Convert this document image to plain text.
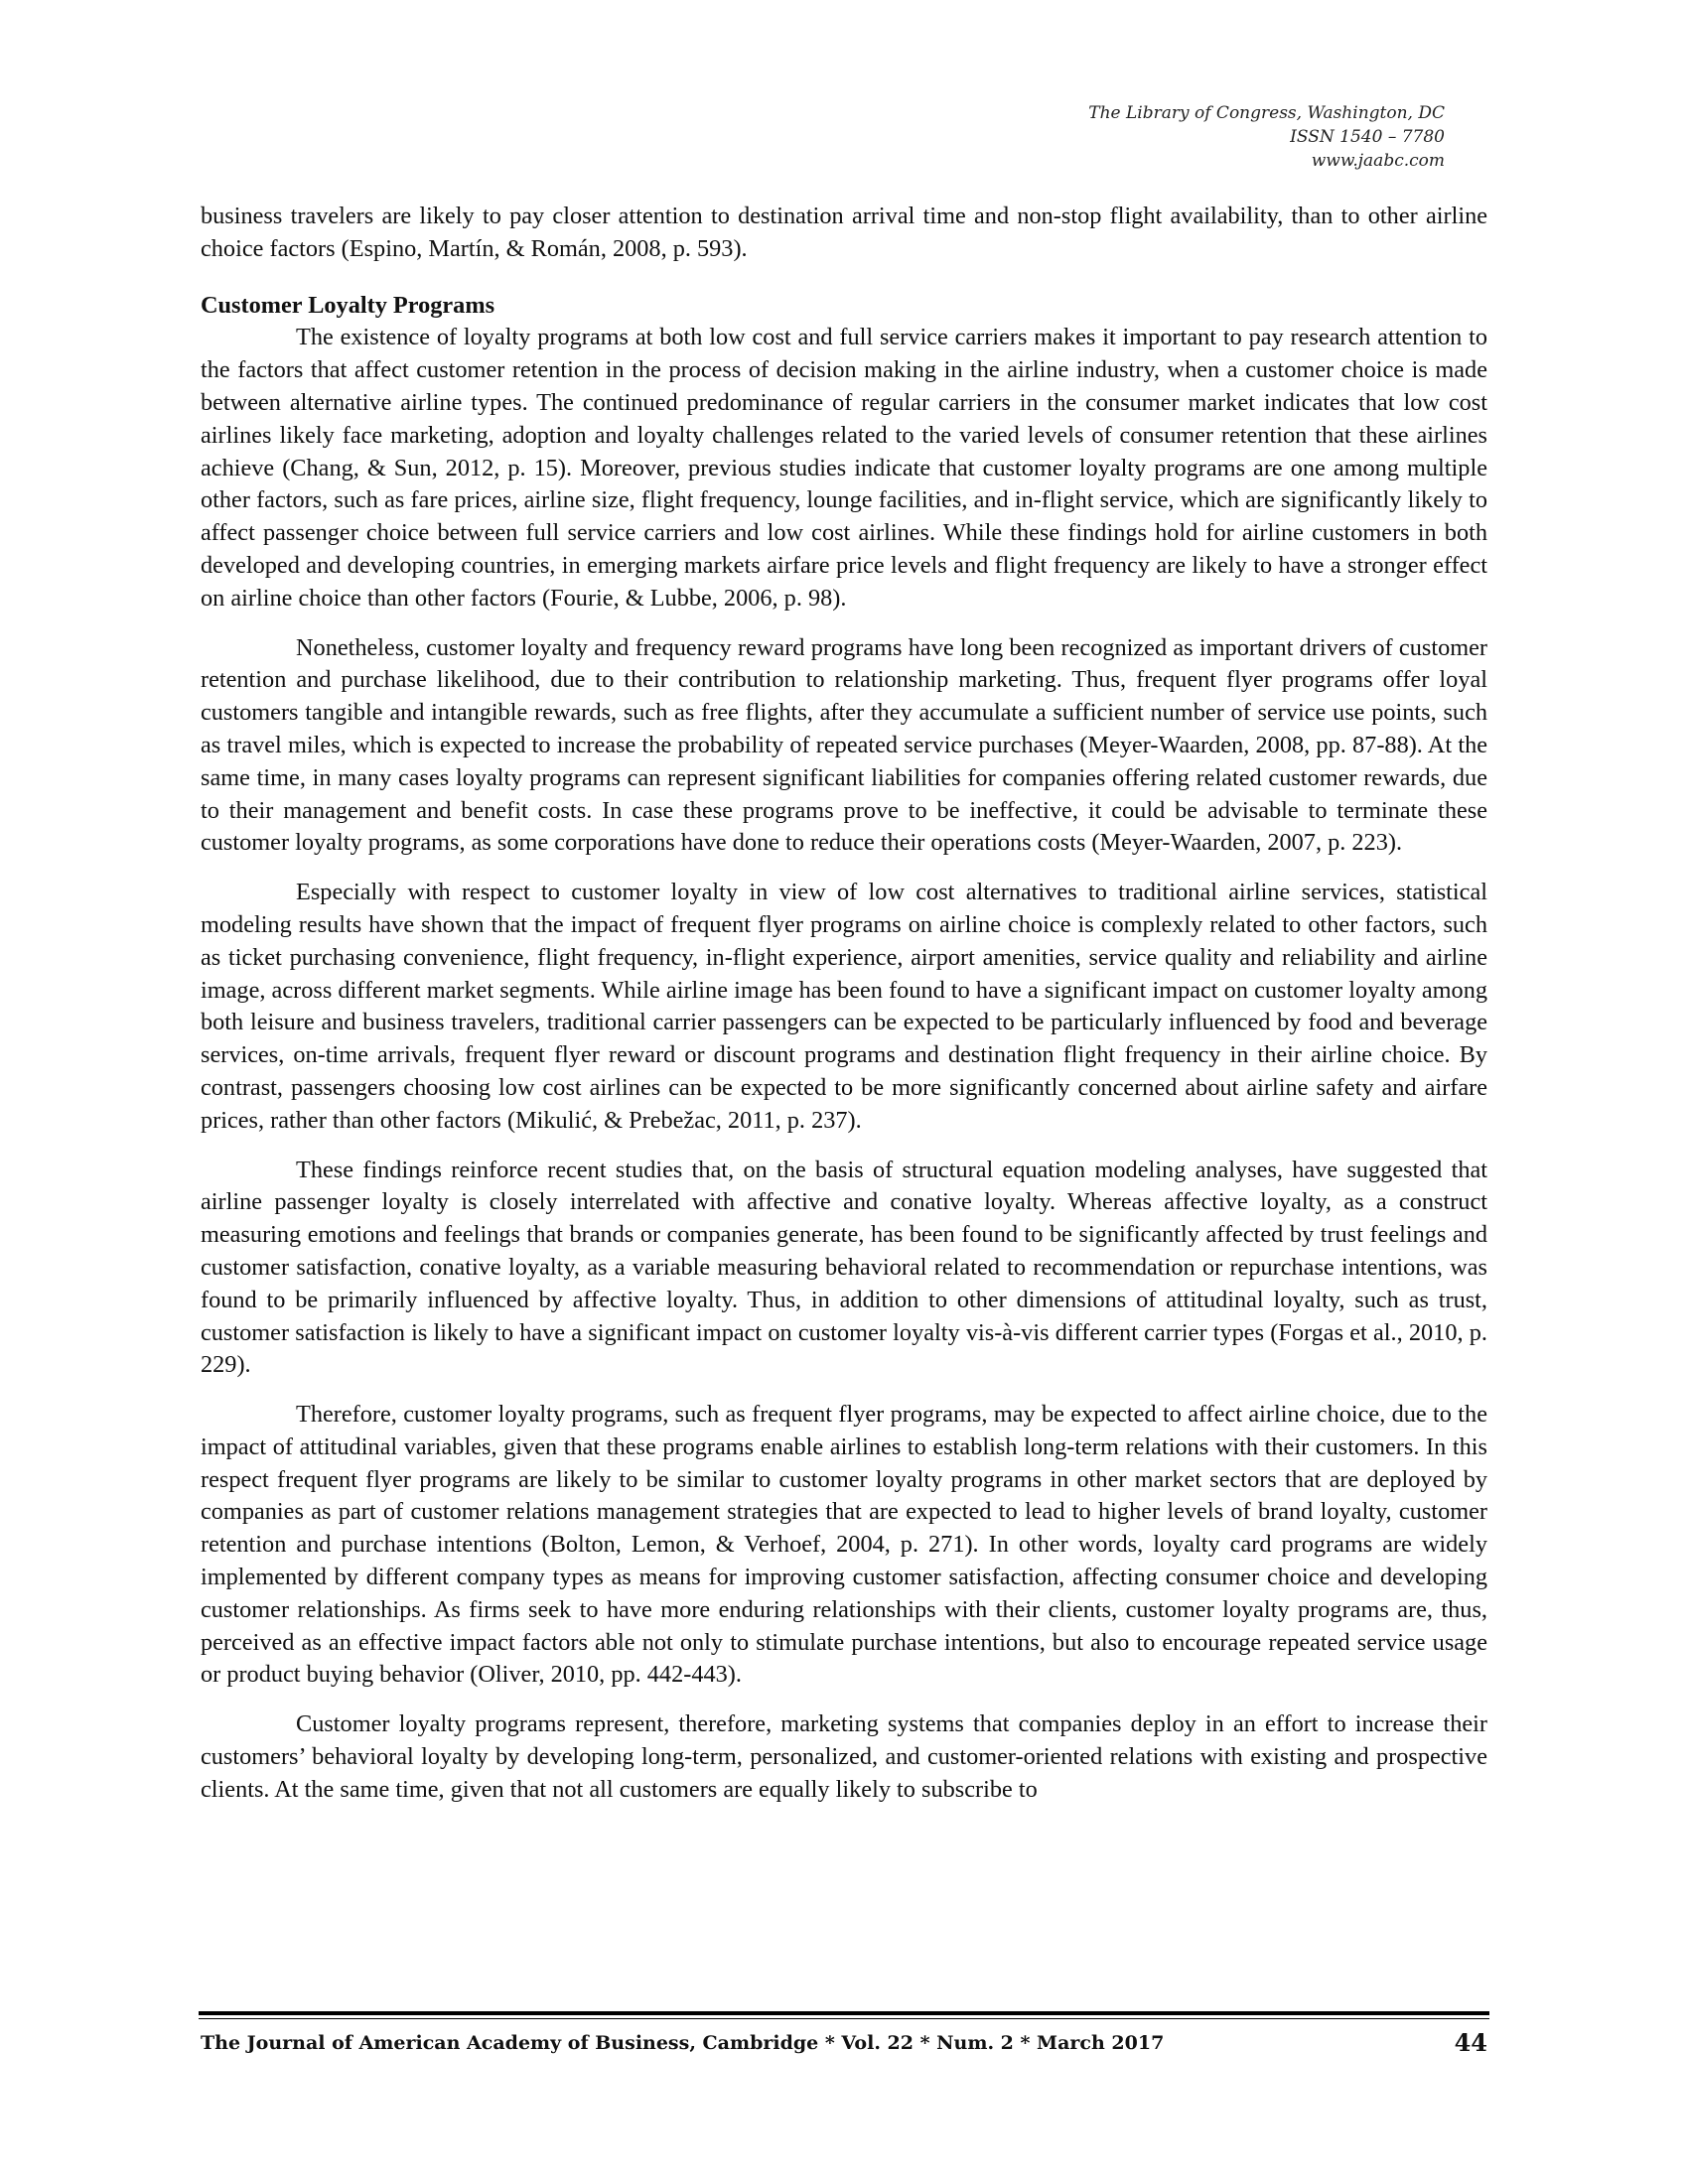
The Library of Congress, Washington, DC
ISSN 1540 – 7780
www.jaabc.com

business travelers are likely to pay closer attention to destination arrival time and non-stop flight availability, than to other airline choice factors (Espino, Martín, & Román, 2008, p. 593).

Customer Loyalty Programs

The existence of loyalty programs at both low cost and full service carriers makes it important to pay research attention to the factors that affect customer retention in the process of decision making in the airline industry, when a customer choice is made between alternative airline types. The continued predominance of regular carriers in the consumer market indicates that low cost airlines likely face marketing, adoption and loyalty challenges related to the varied levels of consumer retention that these airlines achieve (Chang, & Sun, 2012, p. 15). Moreover, previous studies indicate that customer loyalty programs are one among multiple other factors, such as fare prices, airline size, flight frequency, lounge facilities, and in-flight service, which are significantly likely to affect passenger choice between full service carriers and low cost airlines. While these findings hold for airline customers in both developed and developing countries, in emerging markets airfare price levels and flight frequency are likely to have a stronger effect on airline choice than other factors (Fourie, & Lubbe, 2006, p. 98).

Nonetheless, customer loyalty and frequency reward programs have long been recognized as important drivers of customer retention and purchase likelihood, due to their contribution to relationship marketing. Thus, frequent flyer programs offer loyal customers tangible and intangible rewards, such as free flights, after they accumulate a sufficient number of service use points, such as travel miles, which is expected to increase the probability of repeated service purchases (Meyer-Waarden, 2008, pp. 87-88). At the same time, in many cases loyalty programs can represent significant liabilities for companies offering related customer rewards, due to their management and benefit costs. In case these programs prove to be ineffective, it could be advisable to terminate these customer loyalty programs, as some corporations have done to reduce their operations costs (Meyer-Waarden, 2007, p. 223).

Especially with respect to customer loyalty in view of low cost alternatives to traditional airline services, statistical modeling results have shown that the impact of frequent flyer programs on airline choice is complexly related to other factors, such as ticket purchasing convenience, flight frequency, in-flight experience, airport amenities, service quality and reliability and airline image, across different market segments. While airline image has been found to have a significant impact on customer loyalty among both leisure and business travelers, traditional carrier passengers can be expected to be particularly influenced by food and beverage services, on-time arrivals, frequent flyer reward or discount programs and destination flight frequency in their airline choice. By contrast, passengers choosing low cost airlines can be expected to be more significantly concerned about airline safety and airfare prices, rather than other factors (Mikulić, & Prebežac, 2011, p. 237).

These findings reinforce recent studies that, on the basis of structural equation modeling analyses, have suggested that airline passenger loyalty is closely interrelated with affective and conative loyalty. Whereas affective loyalty, as a construct measuring emotions and feelings that brands or companies generate, has been found to be significantly affected by trust feelings and customer satisfaction, conative loyalty, as a variable measuring behavioral related to recommendation or repurchase intentions, was found to be primarily influenced by affective loyalty. Thus, in addition to other dimensions of attitudinal loyalty, such as trust, customer satisfaction is likely to have a significant impact on customer loyalty vis-à-vis different carrier types (Forgas et al., 2010, p. 229).

Therefore, customer loyalty programs, such as frequent flyer programs, may be expected to affect airline choice, due to the impact of attitudinal variables, given that these programs enable airlines to establish long-term relations with their customers. In this respect frequent flyer programs are likely to be similar to customer loyalty programs in other market sectors that are deployed by companies as part of customer relations management strategies that are expected to lead to higher levels of brand loyalty, customer retention and purchase intentions (Bolton, Lemon, & Verhoef, 2004, p. 271). In other words, loyalty card programs are widely implemented by different company types as means for improving customer satisfaction, affecting consumer choice and developing customer relationships. As firms seek to have more enduring relationships with their clients, customer loyalty programs are, thus, perceived as an effective impact factors able not only to stimulate purchase intentions, but also to encourage repeated service usage or product buying behavior (Oliver, 2010, pp. 442-443).

Customer loyalty programs represent, therefore, marketing systems that companies deploy in an effort to increase their customers’ behavioral loyalty by developing long-term, personalized, and customer-oriented relations with existing and prospective clients. At the same time, given that not all customers are equally likely to subscribe to

The Journal of American Academy of Business, Cambridge * Vol. 22 * Num. 2 * March 2017	44
